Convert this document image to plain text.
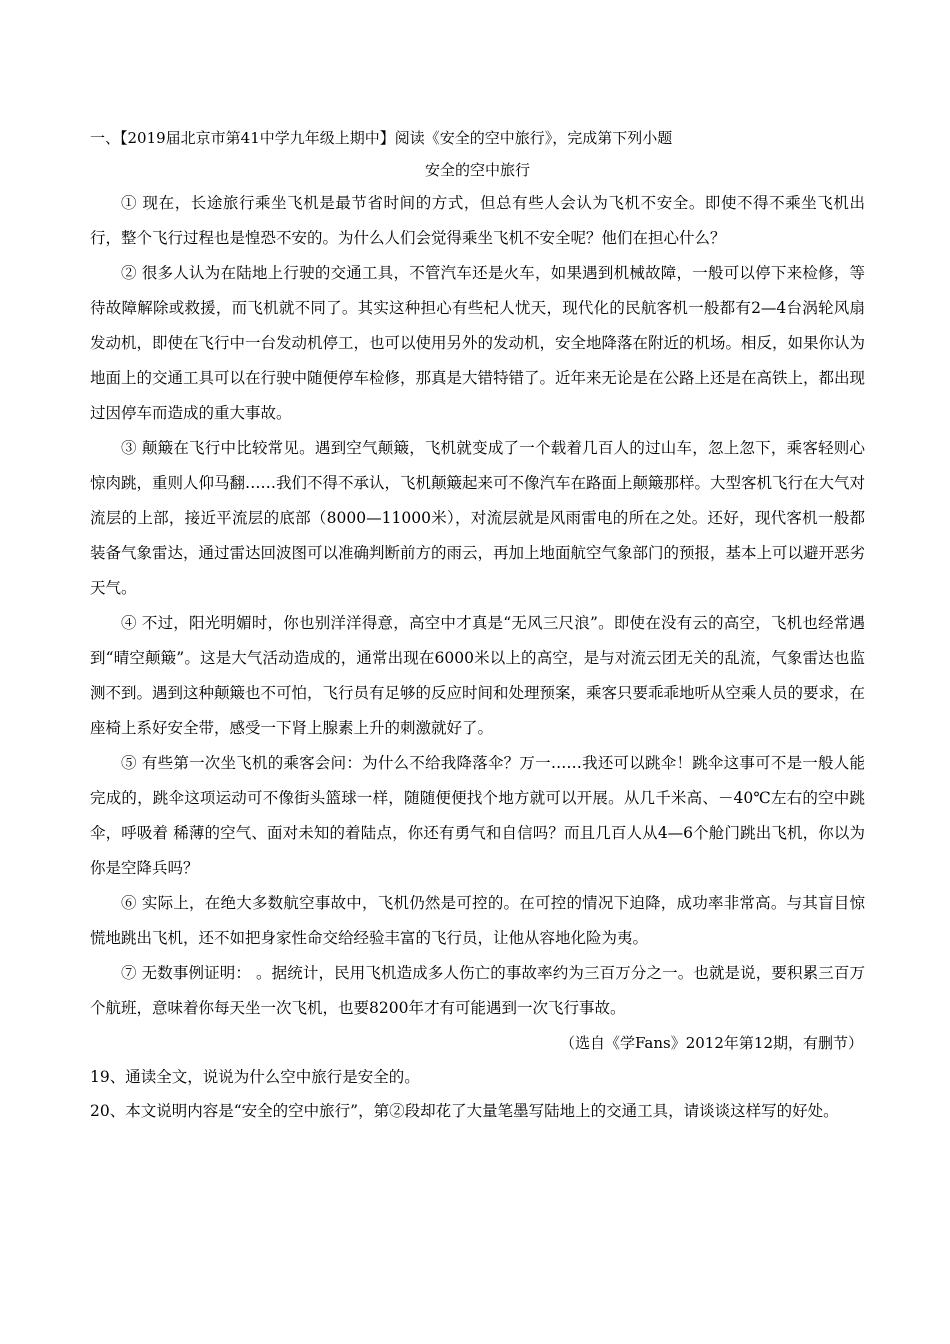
一、【2019届北京市第41中学九年级上期中】阅读《安全的空中旅行》，完成第下列小题

安全的空中旅行

① 现在，长途旅行乘坐飞机是最节省时间的方式，但总有些人会认为飞机不安全。即使不得不乘坐飞机出行，整个飞行过程也是惶恐不安的。为什么人们会觉得乘坐飞机不安全呢？他们在担心什么？

② 很多人认为在陆地上行驶的交通工具，不管汽车还是火车，如果遇到机械故障，一般可以停下来检修，等待故障解除或救援，而飞机就不同了。其实这种担心有些杞人忧天，现代化的民航客机一般都有2—4台涡轮风扇发动机，即使在飞行中一台发动机停工，也可以使用另外的发动机，安全地降落在附近的机场。相反，如果你认为地面上的交通工具可以在行驶中随便停车检修，那真是大错特错了。近年来无论是在公路上还是在高铁上，都出现过因停车而造成的重大事故。

③ 颠簸在飞行中比较常见。遇到空气颠簸，飞机就变成了一个载着几百人的过山车，忽上忽下，乘客轻则心惊肉跳，重则人仰马翻……我们不得不承认，飞机颠簸起来可不像汽车在路面上颠簸那样。大型客机飞行在大气对流层的上部，接近平流层的底部（8000—11000米），对流层就是风雨雷电的所在之处。还好，现代客机一般都装备气象雷达，通过雷达回波图可以准确判断前方的雨云，再加上地面航空气象部门的预报，基本上可以避开恶劣天气。

④ 不过，阳光明媚时，你也别洋洋得意，高空中才真是“无风三尺浪”。即使在没有云的高空，飞机也经常遇到“晴空颠簸”。这是大气活动造成的，通常出现在6000米以上的高空，是与对流云团无关的乱流，气象雷达也监测不到。遇到这种颠簸也不可怕，飞行员有足够的反应时间和处理预案，乘客只要乖乖地听从空乘人员的要求，在座椅上系好安全带，感受一下肾上腺素上升的刺激就好了。

⑤ 有些第一次坐飞机的乘客会问：为什么不给我降落伞？万一……我还可以跳伞！跳伞这事可不是一般人能完成的，跳伞这项运动可不像街头篮球一样，随随便便找个地方就可以开展。从几千米高、－40℃左右的空中跳伞，呼吸着 稀薄的空气、面对未知的着陆点，你还有勇气和自信吗？而且几百人从4—6个舱门跳出飞机，你以为你是空降兵吗？

⑥ 实际上，在绝大多数航空事故中，飞机仍然是可控的。在可控的情况下迫降，成功率非常高。与其盲目惊慌地跳出飞机，还不如把身家性命交给经验丰富的飞行员，让他从容地化险为夷。

⑦ 无数事例证明： 。据统计，民用飞机造成多人伤亡的事故率约为三百万分之一。也就是说，要积累三百万个航班，意味着你每天坐一次飞机，也要8200年才有可能遇到一次飞行事故。

（选自《学Fans》2012年第12期，有删节）

19、通读全文，说说为什么空中旅行是安全的。

20、本文说明内容是“安全的空中旅行”，第②段却花了大量笔墨写陆地上的交通工具，请谈谈这样写的好处。
